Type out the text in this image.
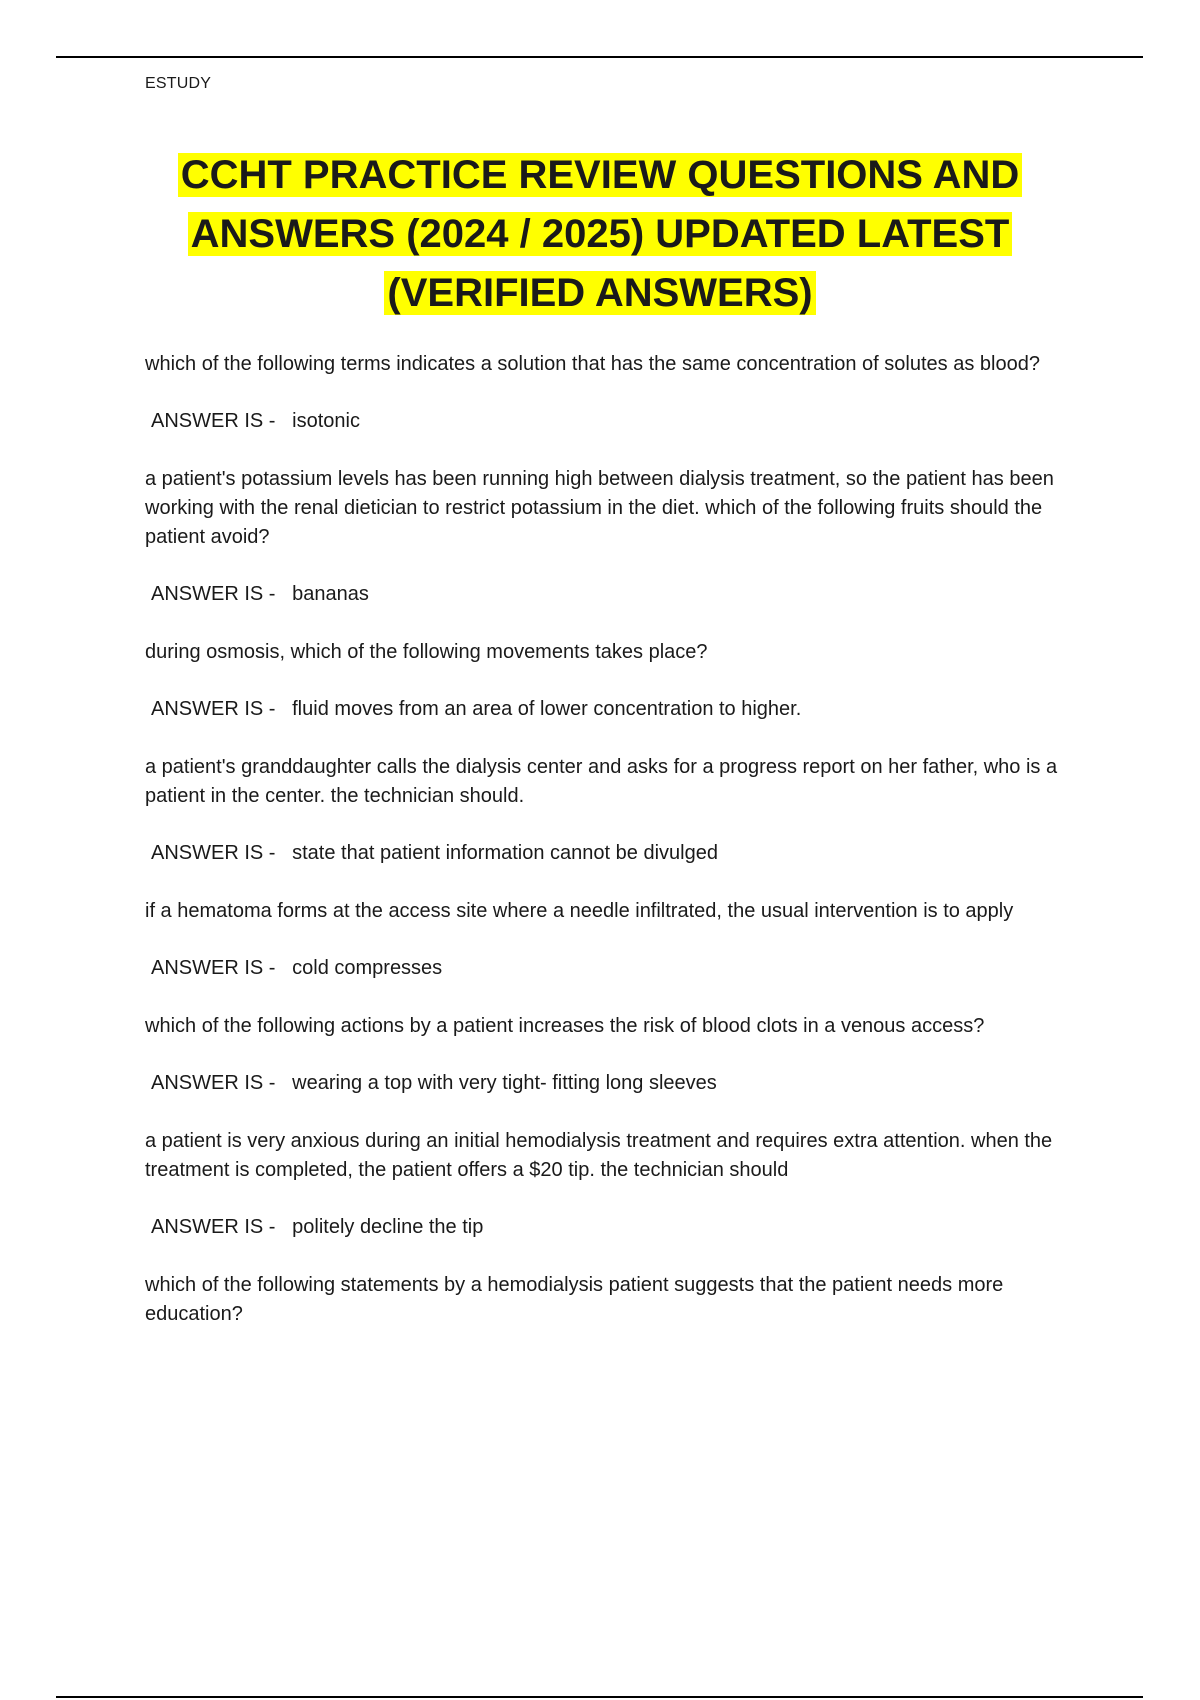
ESTUDY
CCHT PRACTICE REVIEW QUESTIONS AND
ANSWERS (2024 / 2025) UPDATED LATEST
(VERIFIED ANSWERS)

which of the following terms indicates a solution that has the same concentration of solutes as blood?

ANSWER IS - isotonic

a patient's potassium levels has been running high between dialysis treatment, so the patient has been working with the renal dietician to restrict potassium in the diet. which of the following fruits should the patient avoid?

ANSWER IS - bananas

during osmosis, which of the following movements takes place?

ANSWER IS - fluid moves from an area of lower concentration to higher.

a patient's granddaughter calls the dialysis center and asks for a progress report on her father, who is a patient in the center. the technician should.

ANSWER IS - state that patient information cannot be divulged

if a hematoma forms at the access site where a needle infiltrated, the usual intervention is to apply

ANSWER IS - cold compresses

which of the following actions by a patient increases the risk of blood clots in a venous access?

ANSWER IS - wearing a top with very tight- fitting long sleeves

a patient is very anxious during an initial hemodialysis treatment and requires extra attention. when the treatment is completed, the patient offers a $20 tip. the technician should

ANSWER IS - politely decline the tip

which of the following statements by a hemodialysis patient suggests that the patient needs more education?
